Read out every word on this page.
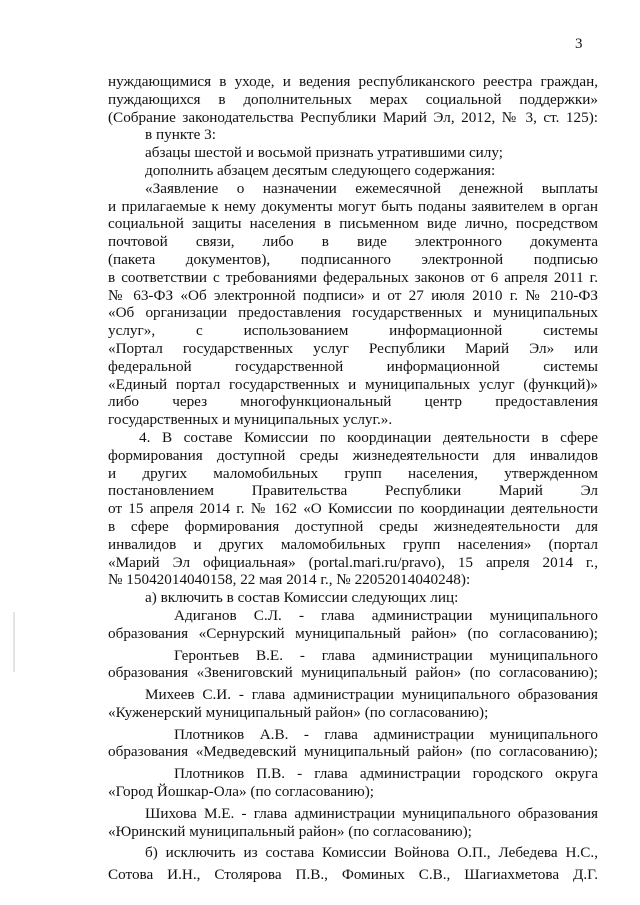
3
нуждающимися в уходе, и ведения республиканского реестра граждан,
пуждающихся в дополнительных мерах социальной поддержки»
(Собрание законодательства Республики Марий Эл, 2012, № 3, ст. 125):
в пункте 3:
абзацы шестой и восьмой признать утратившими силу;
дополнить абзацем десятым следующего содержания:
«Заявление о назначении ежемесячной денежной выплаты
и прилагаемые к нему документы могут быть поданы заявителем в орган
социальной защиты населения в письменном виде лично, посредством
почтовой связи, либо в виде электронного документа
(пакета документов), подписанного электронной подписью
в соответствии с требованиями федеральных законов от 6 апреля 2011 г.
№ 63-ФЗ «Об электронной подписи» и от 27 июля 2010 г. № 210-ФЗ
«Об организации предоставления государственных и муниципальных
услуг», с использованием информационной системы
«Портал государственных услуг Республики Марий Эл» или
федеральной государственной информационной системы
«Единый портал государственных и муниципальных услуг (функций)»
либо через многофункциональный центр предоставления
государственных и муниципальных услуг.».
4. В составе Комиссии по координации деятельности в сфере
формирования доступной среды жизнедеятельности для инвалидов
и других маломобильных групп населения, утвержденном
постановлением Правительства Республики Марий Эл
от 15 апреля 2014 г. № 162 «О Комиссии по координации деятельности
в сфере формирования доступной среды жизнедеятельности для
инвалидов и других маломобильных групп населения» (портал
«Марий Эл официальная» (portal.mari.ru/pravo), 15 апреля 2014 г.,
№ 15042014040158, 22 мая 2014 г., № 22052014040248):
а) включить в состав Комиссии следующих лиц:
Адиганов С.Л. - глава администрации муниципального
образования «Сернурский муниципальный район» (по согласованию);
Геронтьев В.Е. - глава администрации муниципального
образования «Звениговский муниципальный район» (по согласованию);
Михеев С.И. - глава администрации муниципального образования
«Куженерский муниципальный район» (по согласованию);
Плотников А.В. - глава администрации муниципального
образования «Медведевский муниципальный район» (по согласованию);
Плотников П.В. - глава администрации городского округа
«Город Йошкар-Ола» (по согласованию);
Шихова М.Е. - глава администрации муниципального образования
«Юринский муниципальный район» (по согласованию);
б) исключить из состава Комиссии Войнова О.П., Лебедева Н.С.,
Сотова И.Н., Столярова П.В., Фоминых С.В., Шагиахметова Д.Г.
